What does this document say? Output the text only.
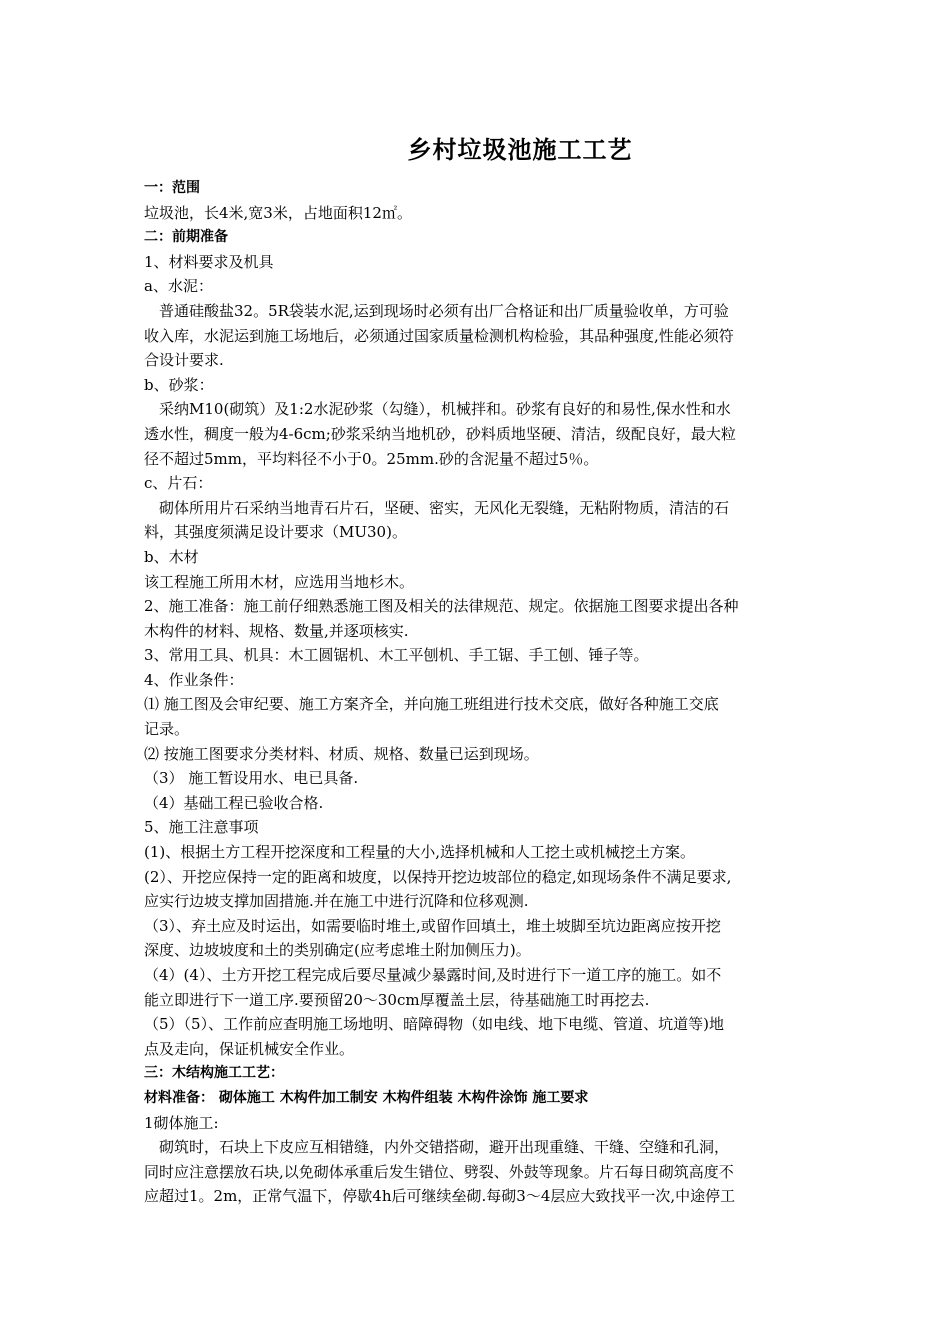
乡村垃圾池施工工艺
一：范围
垃圾池，长4米,宽3米，占地面积12㎡。
二：前期准备
1、材料要求及机具
a、水泥：
普通硅酸盐32。5R袋装水泥,运到现场时必须有出厂合格证和出厂质量验收单，方可验
收入库，水泥运到施工场地后，必须通过国家质量检测机构检验，其品种强度,性能必须符
合设计要求.
b、砂浆：
采纳M10(砌筑）及1:2水泥砂浆（勾缝），机械拌和。砂浆有良好的和易性,保水性和水
透水性，稠度一般为4-6cm;砂浆采纳当地机砂，砂料质地坚硬、清洁，级配良好，最大粒
径不超过5mm，平均料径不小于0。25mm.砂的含泥量不超过5％。
c、片石：
砌体所用片石采纳当地青石片石，坚硬、密实，无风化无裂缝，无粘附物质，清洁的石
料，其强度须满足设计要求（MU30)。
b、木材
该工程施工所用木材，应选用当地杉木。
2、施工准备：施工前仔细熟悉施工图及相关的法律规范、规定。依据施工图要求提出各种
木构件的材料、规格、数量,并逐项核实.
3、常用工具、机具：木工圆锯机、木工平刨机、手工锯、手工刨、锤子等。
4、作业条件：
⑴ 施工图及会审纪要、施工方案齐全，并向施工班组进行技术交底，做好各种施工交底
记录。
⑵ 按施工图要求分类材料、材质、规格、数量已运到现场。
（3） 施工暂设用水、电已具备.
（4）基础工程已验收合格.
5、施工注意事项
(1)、根据土方工程开挖深度和工程量的大小,选择机械和人工挖土或机械挖土方案。
(2）、开挖应保持一定的距离和坡度，以保持开挖边坡部位的稳定,如现场条件不满足要求,
应实行边坡支撑加固措施.并在施工中进行沉降和位移观测.
（3）、弃土应及时运出，如需要临时堆土,或留作回填土，堆土坡脚至坑边距离应按开挖
深度、边坡坡度和土的类别确定(应考虑堆土附加侧压力)。
（4）(4）、土方开挖工程完成后要尽量减少暴露时间,及时进行下一道工序的施工。如不
能立即进行下一道工序.要预留20～30cm厚覆盖土层，待基础施工时再挖去.
（5）（5）、工作前应查明施工场地明、暗障碍物（如电线、地下电缆、管道、坑道等)地
点及走向，保证机械安全作业。
三：木结构施工工艺：
材料准备： 砌体施工 木构件加工制安 木构件组装 木构件涂饰 施工要求
1砌体施工:
砌筑时，石块上下皮应互相错缝，内外交错搭砌，避开出现重缝、干缝、空缝和孔洞，
同时应注意摆放石块,以免砌体承重后发生错位、劈裂、外鼓等现象。片石每日砌筑高度不
应超过1。2m，正常气温下，停歇4h后可继续垒砌.每砌3～4层应大致找平一次,中途停工
